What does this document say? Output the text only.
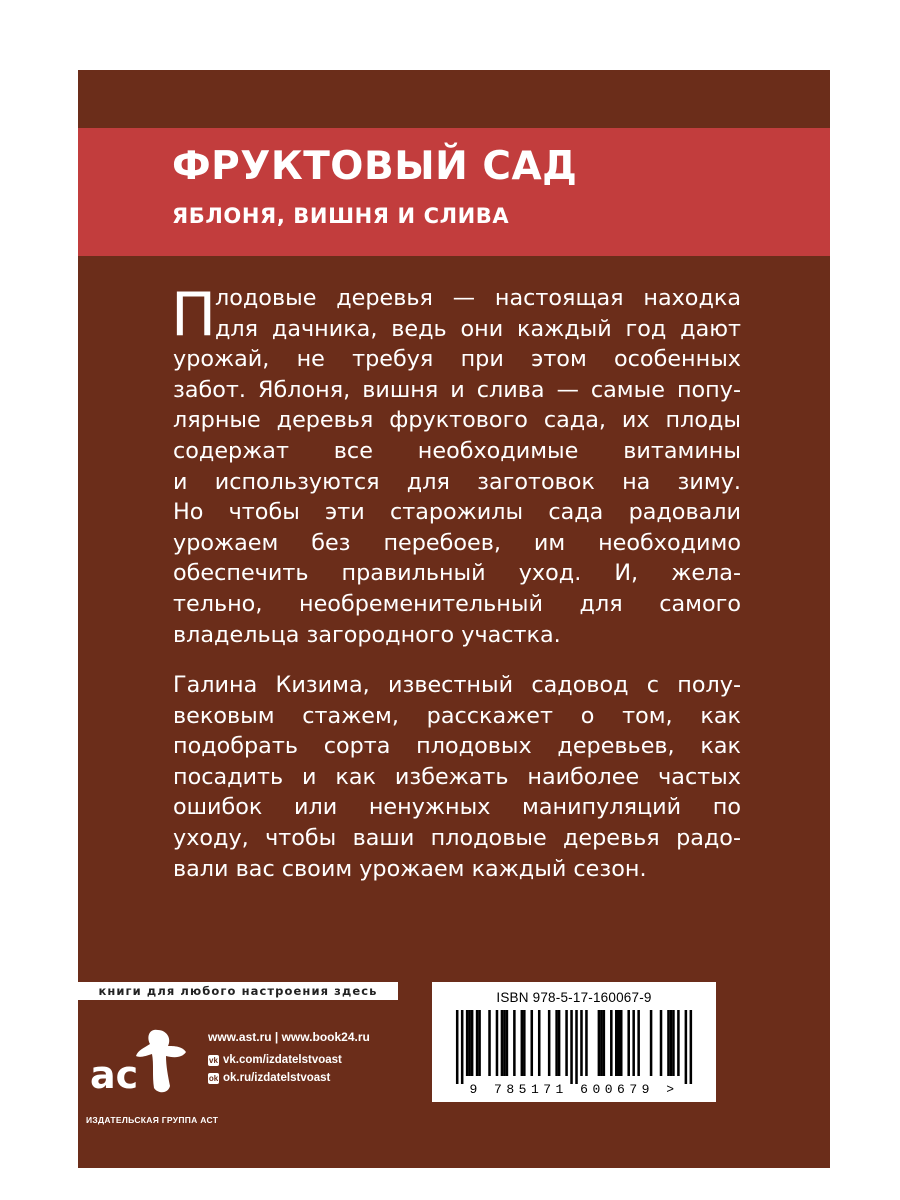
ФРУКТОВЫЙ САД
ЯБЛОНЯ, ВИШНЯ И СЛИВА
П
лодовые деревья — настоящая находка
для дачника, ведь они каждый год дают
урожай, не требуя при этом особенных
забот. Яблоня, вишня и слива — самые попу-
лярные деревья фруктового сада, их плоды
содержат все необходимые витамины
и используются для заготовок на зиму.
Но чтобы эти старожилы сада радовали
урожаем без перебоев, им необходимо
обеспечить правильный уход. И, жела-
тельно, необременительный для самого
владельца загородного участка.
Галина Кизима, известный садовод с полу-
вековым стажем, расскажет о том, как
подобрать сорта плодовых деревьев, как
посадить и как избежать наиболее частых
ошибок или ненужных манипуляций по
уходу, чтобы ваши плодовые деревья радо-
вали вас своим урожаем каждый сезон.
книги для любого настроения здесь
ac
ИЗДАТЕЛЬСКАЯ ГРУППА АСТ
www.ast.ru | www.book24.ru
vk vk.com/izdatelstvoast
ok ok.ru/izdatelstvoast
ISBN 978-5-17-160067-9
9 785171 600679 >
